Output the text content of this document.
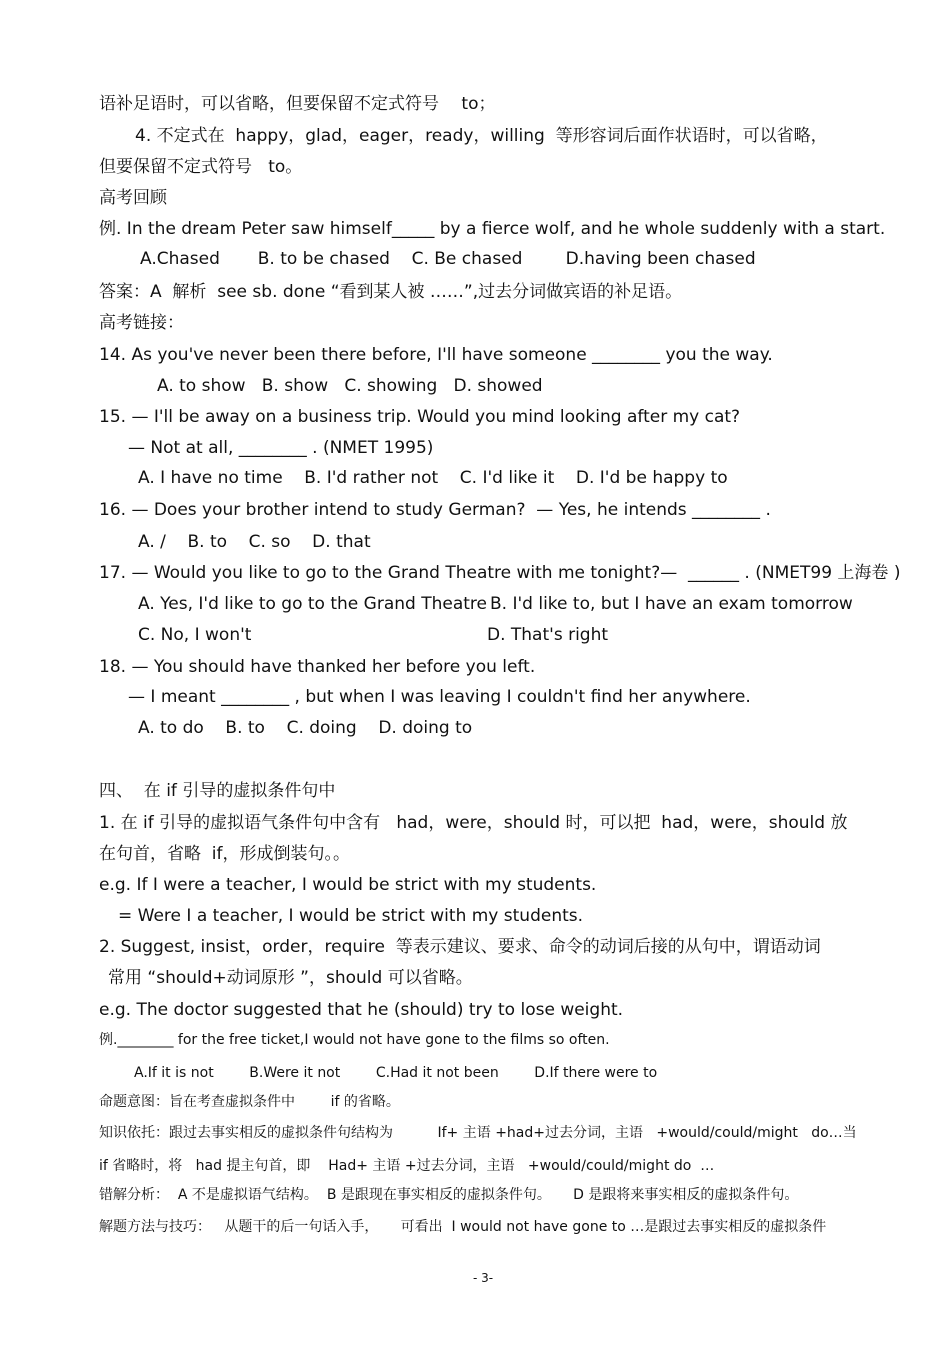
语补足语时，可以省略，但要保留不定式符号　 to；
4. 不定式在  happy，glad，eager，ready，willing  等形容词后面作状语时，可以省略，
但要保留不定式符号   to。
高考回顾
例. In the dream Peter saw himself_____ by a fierce wolf, and he whole suddenly with a start.
A.Chased       B. to be chased    C. Be chased        D.having been chased
答案：A  解析  see sb. done “看到某人被 ……”,过去分词做宾语的补足语。
高考链接：
14. As you've never been there before, I'll have someone ________ you the way.
A. to show   B. show   C. showing   D. showed
15. — I'll be away on a business trip. Would you mind looking after my cat?
— Not at all, ________ . (NMET 1995)
A. I have no time    B. I'd rather not    C. I'd like it    D. I'd be happy to
16. — Does your brother intend to study German?  — Yes, he intends ________ .
A. /    B. to    C. so    D. that
17. — Would you like to go to the Grand Theatre with me tonight?—  ______ . (NMET99 上海卷 )
A. Yes, I'd like to go to the Grand Theatre B. I'd like to, but I have an exam tomorrow
C. No, I won't	D. That's right
18. — You should have thanked her before you left.
— I meant ________ , but when I was leaving I couldn't find her anywhere.
A. to do    B. to    C. doing    D. doing to
四、  在 if 引导的虚拟条件句中
1. 在 if 引导的虚拟语气条件句中含有   had，were，should 时，可以把  had，were，should 放
在句首，省略  if，形成倒装句。。
e.g. If I were a teacher, I would be strict with my students.
= Were I a teacher, I would be strict with my students.
2. Suggest, insist，order，require  等表示建议、要求、命令的动词后接的从句中，谓语动词
常用 “should+动词原形 ”，should 可以省略。
e.g. The doctor suggested that he (should) try to lose weight.
例.________ for the free ticket,I would not have gone to the films so often.
A.If it is not        B.Were it not        C.Had it not been        D.If there were to
命题意图：旨在考查虚拟条件中        if 的省略。
知识依托：跟过去事实相反的虚拟条件句结构为          If+ 主语 +had+过去分词，主语   +would/could/might   do…当
if 省略时，将   had 提主句首，即    Had+ 主语 +过去分词，主语   +would/could/might do  …
错解分析：  A 不是虚拟语气结构。  B 是跟现在事实相反的虚拟条件句。     D 是跟将来事实相反的虚拟条件句。
解题方法与技巧：   从题干的后一句话入手，     可看出  I would not have gone to …是跟过去事实相反的虚拟条件
- 3-
